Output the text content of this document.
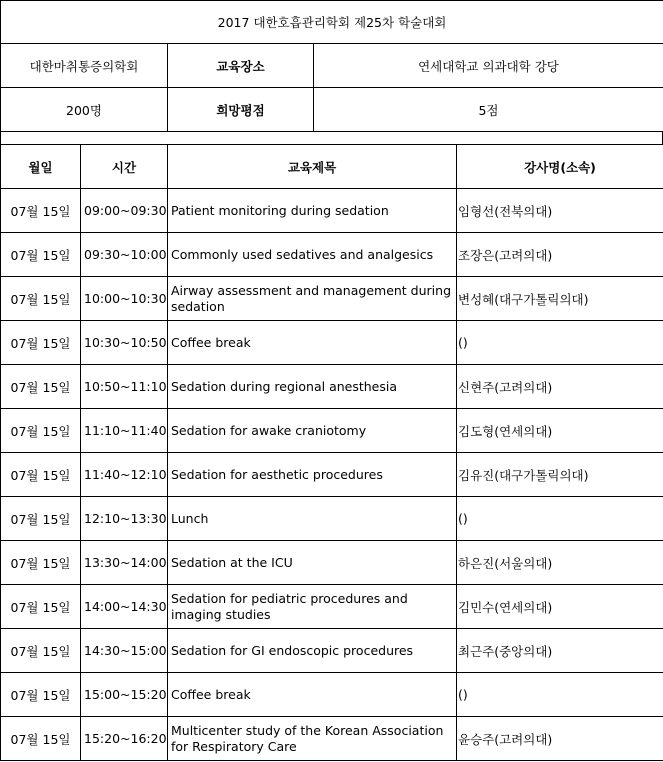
2017 대한호흡관리학회 제25차 학술대회		
대한마취통증의학회	교육장소	연세대학교 의과대학 강당
200명	희망평점	5점
월일	시간	교육제목	강사명(소속)
07월 15일	09:00~09:30	Patient monitoring during sedation	임형선(전북의대)
07월 15일	09:30~10:00	Commonly used sedatives and analgesics	조장은(고려의대)
07월 15일	10:00~10:30	Airway assessment and management during sedation	변성혜(대구가톨릭의대)
07월 15일	10:30~10:50	Coffee break	()
07월 15일	10:50~11:10	Sedation during regional anesthesia	신현주(고려의대)
07월 15일	11:10~11:40	Sedation for awake craniotomy	김도형(연세의대)
07월 15일	11:40~12:10	Sedation for aesthetic procedures	김유진(대구가톨릭의대)
07월 15일	12:10~13:30	Lunch	()
07월 15일	13:30~14:00	Sedation at the ICU	하은진(서울의대)
07월 15일	14:00~14:30	Sedation for pediatric procedures and imaging studies	김민수(연세의대)
07월 15일	14:30~15:00	Sedation for GI endoscopic procedures	최근주(중앙의대)
07월 15일	15:00~15:20	Coffee break	()
07월 15일	15:20~16:20	Multicenter study of the Korean Association for Respiratory Care	윤승주(고려의대)
